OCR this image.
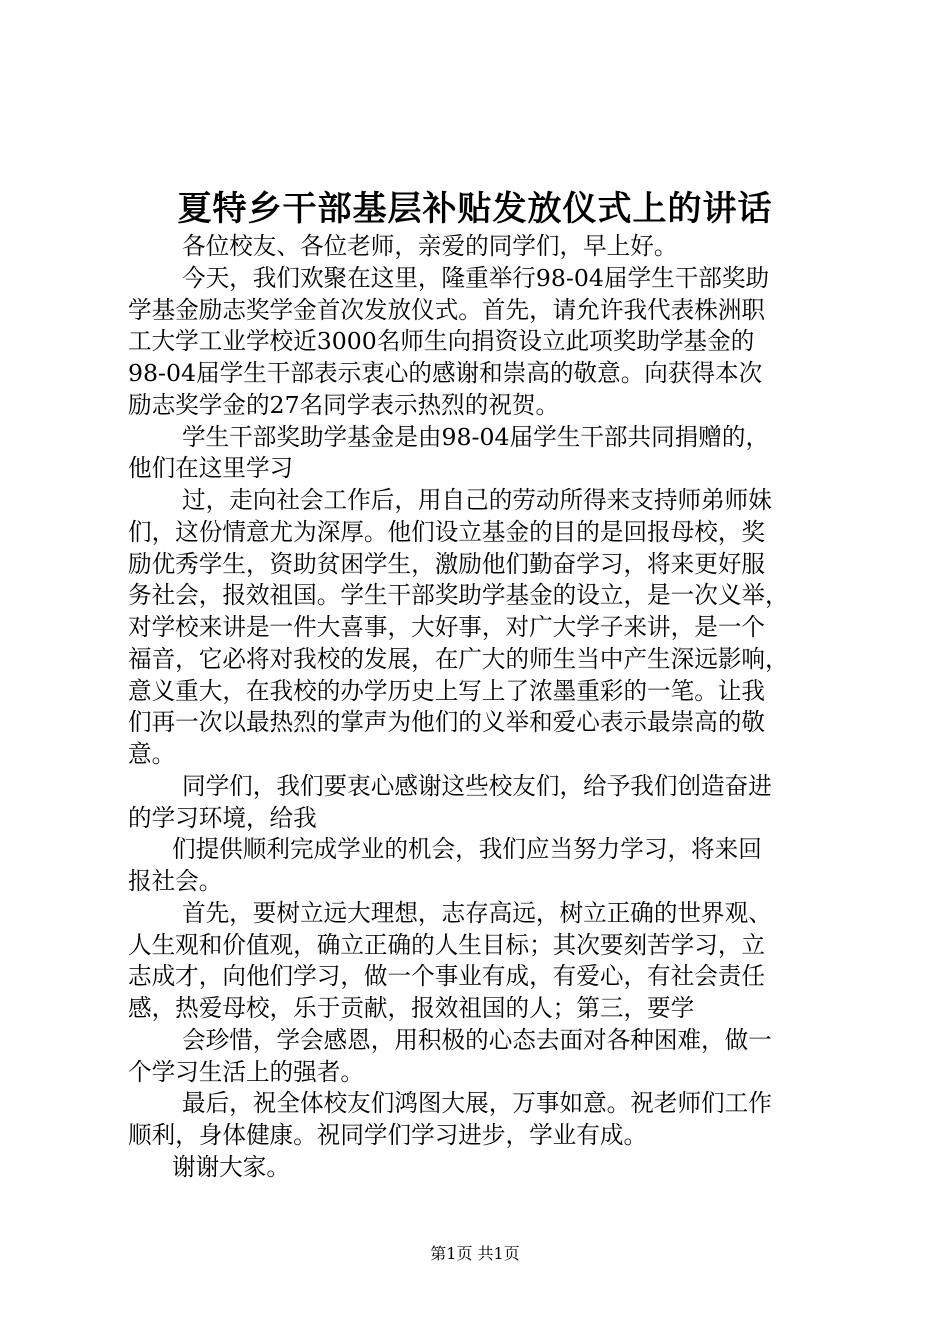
夏特乡干部基层补贴发放仪式上的讲话
各位校友、各位老师，亲爱的同学们，早上好。
今天，我们欢聚在这里，隆重举行98-04届学生干部奖助
学基金励志奖学金首次发放仪式。首先，请允许我代表株洲职
工大学工业学校近3000名师生向捐资设立此项奖助学基金的
98-04届学生干部表示衷心的感谢和崇高的敬意。向获得本次
励志奖学金的27名同学表示热烈的祝贺。
学生干部奖助学基金是由98-04届学生干部共同捐赠的，
他们在这里学习
过，走向社会工作后，用自己的劳动所得来支持师弟师妹
们，这份情意尤为深厚。他们设立基金的目的是回报母校，奖
励优秀学生，资助贫困学生，激励他们勤奋学习，将来更好服
务社会，报效祖国。学生干部奖助学基金的设立，是一次义举，
对学校来讲是一件大喜事，大好事，对广大学子来讲，是一个
福音，它必将对我校的发展，在广大的师生当中产生深远影响，
意义重大，在我校的办学历史上写上了浓墨重彩的一笔。让我
们再一次以最热烈的掌声为他们的义举和爱心表示最崇高的敬
意。
同学们，我们要衷心感谢这些校友们，给予我们创造奋进
的学习环境，给我
们提供顺利完成学业的机会，我们应当努力学习，将来回
报社会。
首先，要树立远大理想，志存高远，树立正确的世界观、
人生观和价值观，确立正确的人生目标；其次要刻苦学习，立
志成才，向他们学习，做一个事业有成，有爱心，有社会责任
感，热爱母校，乐于贡献，报效祖国的人；第三，要学
会珍惜，学会感恩，用积极的心态去面对各种困难，做一
个学习生活上的强者。
最后，祝全体校友们鸿图大展，万事如意。祝老师们工作
顺利，身体健康。祝同学们学习进步，学业有成。
谢谢大家。
第1页 共1页
